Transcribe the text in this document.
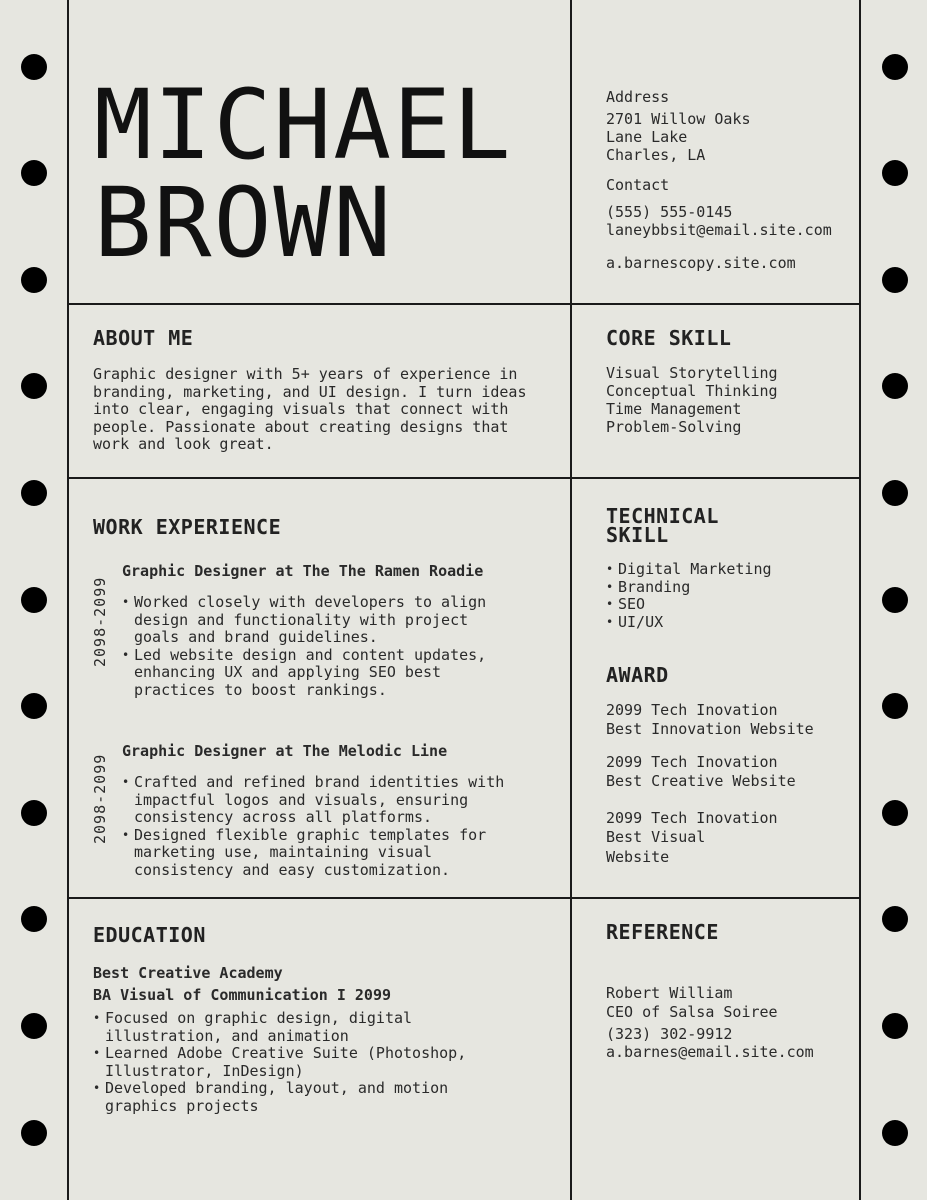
MICHAEL
BROWN
Address
2701 Willow Oaks
Lane Lake
Charles, LA
Contact
(555) 555-0145
laneybbsit@email.site.com
a.barnescopy.site.com
ABOUT ME
Graphic designer with 5+ years of experience in
branding, marketing, and UI design. I turn ideas
into clear, engaging visuals that connect with
people. Passionate about creating designs that
work and look great.
CORE SKILL
Visual Storytelling
Conceptual Thinking
Time Management
Problem-Solving
WORK EXPERIENCE
2098-2099
Graphic Designer at The The Ramen Roadie
• Worked closely with developers to align
design and functionality with project
goals and brand guidelines.
• Led website design and content updates,
enhancing UX and applying SEO best
practices to boost rankings.
2098-2099
Graphic Designer at The Melodic Line
• Crafted and refined brand identities with
impactful logos and visuals, ensuring
consistency across all platforms.
• Designed flexible graphic templates for
marketing use, maintaining visual
consistency and easy customization.
TECHNICAL
SKILL
• Digital Marketing
• Branding
• SEO
• UI/UX
AWARD
2099 Tech Inovation
Best Innovation Website
2099 Tech Inovation
Best Creative Website
2099 Tech Inovation
Best Visual
Website
EDUCATION
Best Creative Academy
BA Visual of Communication I 2099
• Focused on graphic design, digital
illustration, and animation
• Learned Adobe Creative Suite (Photoshop,
Illustrator, InDesign)
• Developed branding, layout, and motion
graphics projects
REFERENCE
Robert William
CEO of Salsa Soiree
(323) 302-9912
a.barnes@email.site.com
